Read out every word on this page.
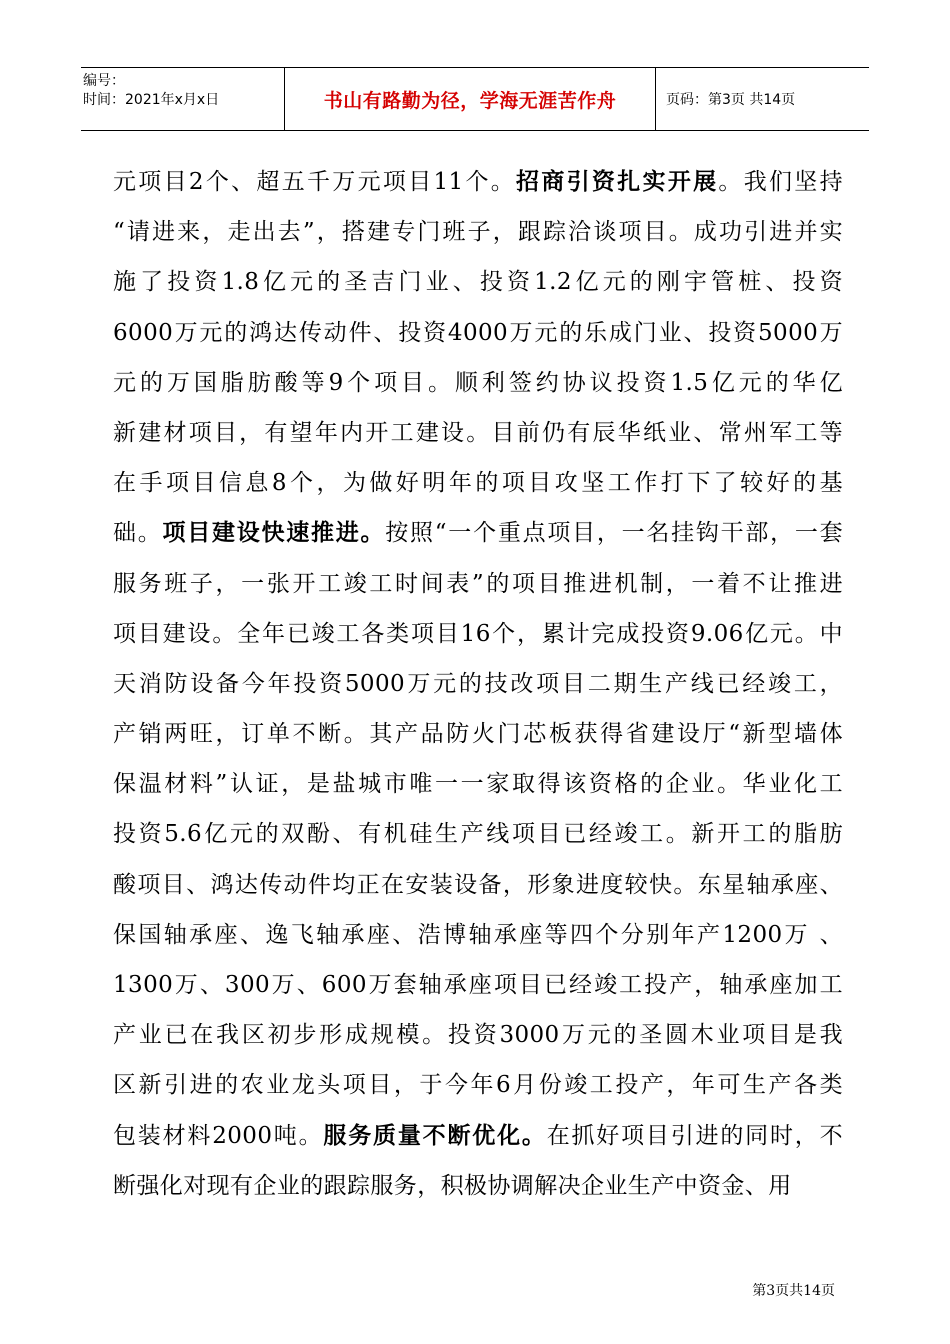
编号：
时间：2021年x月x日	书山有路勤为径，学海无涯苦作舟	页码：第3页 共14页
元项目2个、超五千万元项目11个。招商引资扎实开展。我们坚持
“请进来，走出去”，搭建专门班子，跟踪洽谈项目。成功引进并实
施了投资1.8亿元的圣吉门业、投资1.2亿元的刚宇管桩、投资
6000万元的鸿达传动件、投资4000万元的乐成门业、投资5000万
元的万国脂肪酸等9个项目。顺利签约协议投资1.5亿元的华亿
新建材项目，有望年内开工建设。目前仍有辰华纸业、常州军工等
在手项目信息8个，为做好明年的项目攻坚工作打下了较好的基
础。项目建设快速推进。按照“一个重点项目，一名挂钩干部，一套
服务班子，一张开工竣工时间表”的项目推进机制，一着不让推进
项目建设。全年已竣工各类项目16个，累计完成投资9.06亿元。中
天消防设备今年投资5000万元的技改项目二期生产线已经竣工，
产销两旺，订单不断。其产品防火门芯板获得省建设厅“新型墙体
保温材料”认证，是盐城市唯一一家取得该资格的企业。华业化工
投资5.6亿元的双酚、有机硅生产线项目已经竣工。新开工的脂肪
酸项目、鸿达传动件均正在安装设备，形象进度较快。东星轴承座、
保国轴承座、逸飞轴承座、浩博轴承座等四个分别年产1200万 、
1300万、300万、600万套轴承座项目已经竣工投产，轴承座加工
产业已在我区初步形成规模。投资3000万元的圣圆木业项目是我
区新引进的农业龙头项目，于今年6月份竣工投产，年可生产各类
包装材料2000吨。服务质量不断优化。在抓好项目引进的同时，不
断强化对现有企业的跟踪服务，积极协调解决企业生产中资金、用
第3页共14页
